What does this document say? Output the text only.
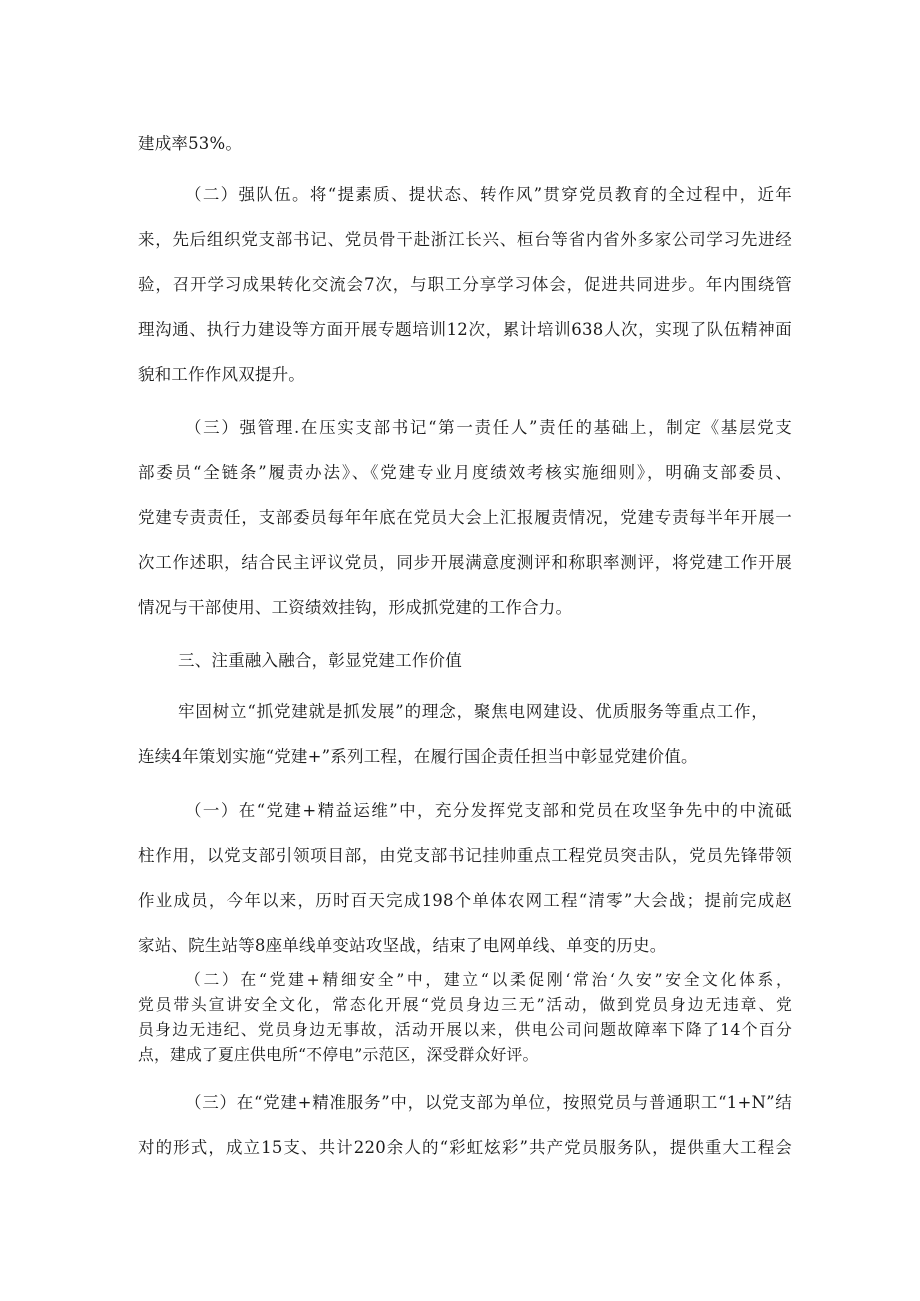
建成率53%。

（二）强队伍。将“提素质、提状态、转作风”贯穿党员教育的全过程中，近年

来，先后组织党支部书记、党员骨干赴浙江长兴、桓台等省内省外多家公司学习先进经

验，召开学习成果转化交流会7次，与职工分享学习体会，促进共同进步。年内围绕管

理沟通、执行力建设等方面开展专题培训12次，累计培训638人次，实现了队伍精神面

貌和工作作风双提升。

（三）强管理.在压实支部书记“第一责任人”责任的基础上，制定《基层党支

部委员“全链条”履责办法》、《党建专业月度绩效考核实施细则》，明确支部委员、

党建专责责任，支部委员每年年底在党员大会上汇报履责情况，党建专责每半年开展一

次工作述职，结合民主评议党员，同步开展满意度测评和称职率测评，将党建工作开展

情况与干部使用、工资绩效挂钩，形成抓党建的工作合力。

三、注重融入融合，彰显党建工作价值

牢固树立“抓党建就是抓发展”的理念，聚焦电网建设、优质服务等重点工作，

连续4年策划实施“党建+”系列工程，在履行国企责任担当中彰显党建价值。

（一）在“党建+精益运维”中，充分发挥党支部和党员在攻坚争先中的中流砥

柱作用，以党支部引领项目部，由党支部书记挂帅重点工程党员突击队，党员先锋带领

作业成员，今年以来，历时百天完成198个单体农网工程“清零”大会战；提前完成赵

家站、院生站等8座单线单变站攻坚战，结束了电网单线、单变的历史。

（二）在“党建+精细安全”中，建立“以柔促刚‘常治‘久安”安全文化体系，

党员带头宣讲安全文化，常态化开展“党员身边三无”活动，做到党员身边无违章、党

员身边无违纪、党员身边无事故，活动开展以来，供电公司问题故障率下降了14个百分

点，建成了夏庄供电所“不停电”示范区，深受群众好评。

（三）在“党建+精准服务”中，以党支部为单位，按照党员与普通职工“1+N”结

对的形式，成立15支、共计220余人的“彩虹炫彩”共产党员服务队，提供重大工程会
